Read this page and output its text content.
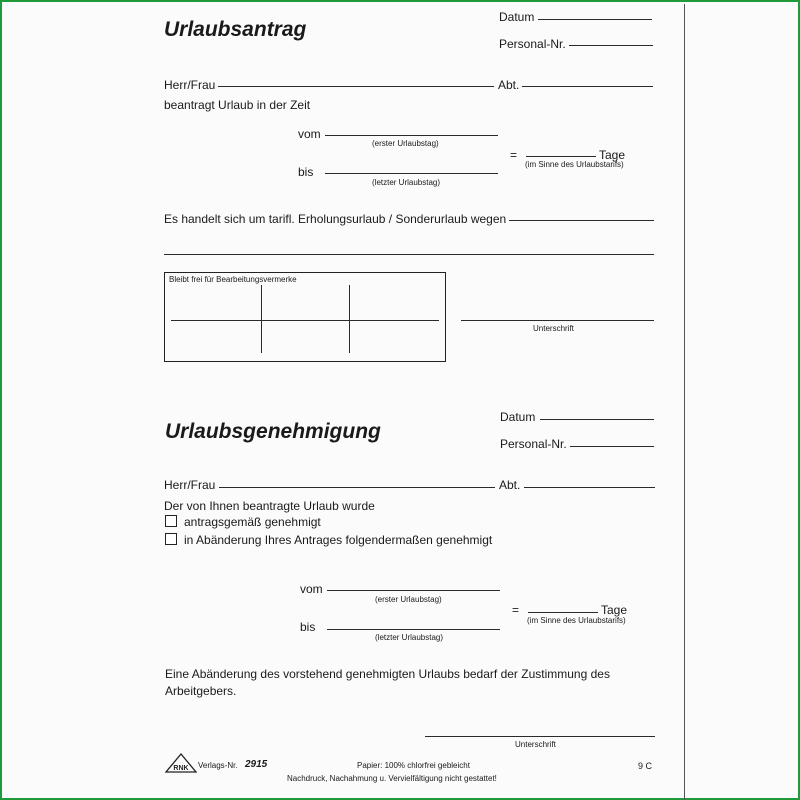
Urlaubsantrag
Datum
Personal-Nr.
Herr/Frau	Abt.
beantragt Urlaub in der Zeit
vom
(erster Urlaubstag)
=	Tage
(im Sinne des Urlaubstarifs)
bis
(letzter Urlaubstag)
Es handelt sich um tarifl. Erholungsurlaub / Sonderurlaub wegen
Bleibt frei für Bearbeitungsvermerke
Unterschrift
Urlaubsgenehmigung
Datum
Personal-Nr.
Herr/Frau	Abt.
Der von Ihnen beantragte Urlaub wurde
antragsgemäß genehmigt
in Abänderung Ihres Antrages folgendermaßen genehmigt
vom
(erster Urlaubstag)
=	Tage
(im Sinne des Urlaubstarifs)
bis
(letzter Urlaubstag)
Eine Abänderung des vorstehend genehmigten Urlaubs bedarf der Zustimmung des
Arbeitgebers.
Unterschrift
RNK Verlags-Nr. 2915	Papier: 100% chlorfrei gebleicht
Nachdruck, Nachahmung u. Vervielfältigung nicht gestattet!
9 C
